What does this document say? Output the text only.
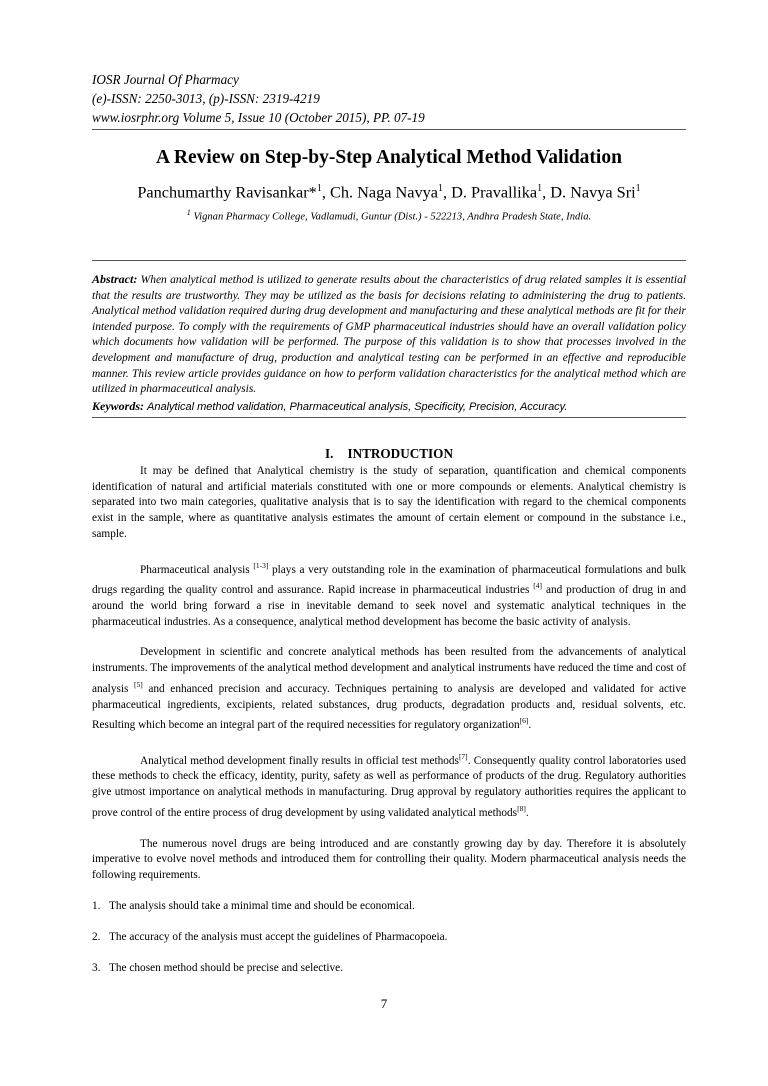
IOSR Journal Of Pharmacy
(e)-ISSN: 2250-3013, (p)-ISSN: 2319-4219
www.iosrphr.org Volume 5, Issue 10 (October 2015), PP. 07-19
A Review on Step-by-Step Analytical Method Validation
Panchumarthy Ravisankar*$^1$, Ch. Naga Navya$^1$, D. Pravallika$^1$, D. Navya Sri$^1$
$^1$ Vignan Pharmacy College, Vadlamudi, Guntur (Dist.) - 522213, Andhra Pradesh State, India.
Abstract: When analytical method is utilized to generate results about the characteristics of drug related samples it is essential that the results are trustworthy. They may be utilized as the basis for decisions relating to administering the drug to patients. Analytical method validation required during drug development and manufacturing and these analytical methods are fit for their intended purpose. To comply with the requirements of GMP pharmaceutical industries should have an overall validation policy which documents how validation will be performed. The purpose of this validation is to show that processes involved in the development and manufacture of drug, production and analytical testing can be performed in an effective and reproducible manner. This review article provides guidance on how to perform validation characteristics for the analytical method which are utilized in pharmaceutical analysis.
Keywords: Analytical method validation, Pharmaceutical analysis, Specificity, Precision, Accuracy.
I. INTRODUCTION
It may be defined that Analytical chemistry is the study of separation, quantification and chemical components identification of natural and artificial materials constituted with one or more compounds or elements. Analytical chemistry is separated into two main categories, qualitative analysis that is to say the identification with regard to the chemical components exist in the sample, where as quantitative analysis estimates the amount of certain element or compound in the substance i.e., sample.
Pharmaceutical analysis [1-3] plays a very outstanding role in the examination of pharmaceutical formulations and bulk drugs regarding the quality control and assurance. Rapid increase in pharmaceutical industries [4] and production of drug in and around the world bring forward a rise in inevitable demand to seek novel and systematic analytical techniques in the pharmaceutical industries. As a consequence, analytical method development has become the basic activity of analysis.
Development in scientific and concrete analytical methods has been resulted from the advancements of analytical instruments. The improvements of the analytical method development and analytical instruments have reduced the time and cost of analysis [5] and enhanced precision and accuracy. Techniques pertaining to analysis are developed and validated for active pharmaceutical ingredients, excipients, related substances, drug products, degradation products and, residual solvents, etc. Resulting which become an integral part of the required necessities for regulatory organization[6].
Analytical method development finally results in official test methods[7]. Consequently quality control laboratories used these methods to check the efficacy, identity, purity, safety as well as performance of products of the drug. Regulatory authorities give utmost importance on analytical methods in manufacturing. Drug approval by regulatory authorities requires the applicant to prove control of the entire process of drug development by using validated analytical methods[8].
The numerous novel drugs are being introduced and are constantly growing day by day. Therefore it is absolutely imperative to evolve novel methods and introduced them for controlling their quality. Modern pharmaceutical analysis needs the following requirements.
1. The analysis should take a minimal time and should be economical.
2. The accuracy of the analysis must accept the guidelines of Pharmacopoeia.
3. The chosen method should be precise and selective.
7
